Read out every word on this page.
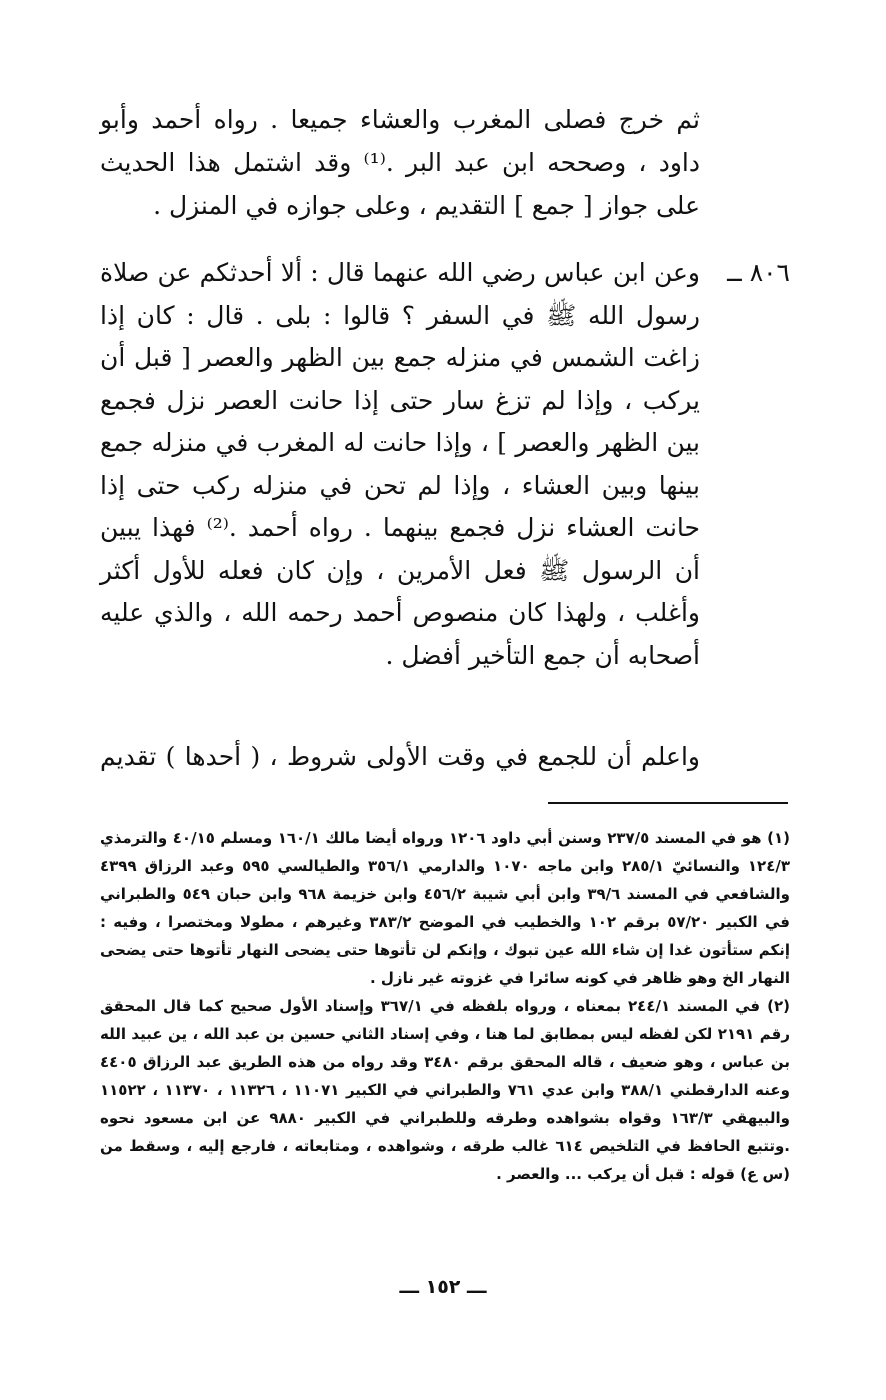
ثم خرج فصلى المغرب والعشاء جميعا . رواه أحمد وأبو داود ، وصححه ابن عبد البر .⁽¹⁾ وقد اشتمل هذا الحديث على جواز [ جمع ] التقديم ، وعلى جوازه في المنزل .

٨٠٦ ــ

وعن ابن عباس رضي الله عنهما قال : ألا أحدثكم عن صلاة رسول الله ﷺ في السفر ؟ قالوا : بلى . قال : كان إذا زاغت الشمس في منزله جمع بين الظهر والعصر [ قبل أن يركب ، وإذا لم تزغ سار حتى إذا حانت العصر نزل فجمع بين الظهر والعصر ] ، وإذا حانت له المغرب في منزله جمع بينها وبين العشاء ، وإذا لم تحن في منزله ركب حتى إذا حانت العشاء نزل فجمع بينهما . رواه أحمد .⁽²⁾ فهذا يبين أن الرسول ﷺ فعل الأمرين ، وإن كان فعله للأول أكثر وأغلب ، ولهذا كان منصوص أحمد رحمه الله ، والذي عليه أصحابه أن جمع التأخير أفضل .

واعلم أن للجمع في وقت الأولى شروط ، ( أحدها ) تقديم

(١) هو في المسند ٢٣٧/٥ وسنن أبي داود ١٢٠٦ ورواه أيضا مالك ١٦٠/١ ومسلم ٤٠/١٥ والترمذي ١٢٤/٣ والنسائيّ ٢٨٥/١ وابن ماجه ١٠٧٠ والدارمي ٣٥٦/١ والطيالسي ٥٩٥ وعبد الرزاق ٤٣٩٩ والشافعي في المسند ٣٩/٦ وابن أبي شيبة ٤٥٦/٢ وابن خزيمة ٩٦٨ وابن حبان ٥٤٩ والطبراني في الكبير ٥٧/٢٠ برقم ١٠٢ والخطيب في الموضح ٣٨٣/٢ وغيرهم ، مطولا ومختصرا ، وفيه : إنكم ستأتون غدا إن شاء الله عين تبوك ، وإنكم لن تأتوها حتى يضحى النهار تأتوها حتى يضحى النهار الخ وهو ظاهر في كونه سائرا في غزوته غير نازل .

(٢) في المسند ٢٤٤/١ بمعناه ، ورواه بلفظه في ٣٦٧/١ وإسناد الأول صحيح كما قال المحقق رقم ٢١٩١ لكن لفظه ليس بمطابق لما هنا ، وفي إسناد الثاني حسين بن عبد الله ، ين عبيد الله بن عباس ، وهو ضعيف ، قاله المحقق برقم ٣٤٨٠ وقد رواه من هذه الطريق عبد الرزاق ٤٤٠٥ وعنه الدارقطني ٣٨٨/١ وابن عدي ٧٦١ والطبراني في الكبير ١١٠٧١ ، ١١٣٢٦ ، ١١٣٧٠ ، ١١٥٢٢ والبيهقي ١٦٣/٣ وقواه بشواهده وطرقه وللطبراني في الكبير ٩٨٨٠ عن ابن مسعود نحوه .وتتبع الحافظ في التلخيص ٦١٤ غالب طرقه ، وشواهده ، ومتابعاته ، فارجع إليه ، وسقط من (س ع) قوله : قبل أن يركب ... والعصر .

ـــ ١٥٢ ـــ
